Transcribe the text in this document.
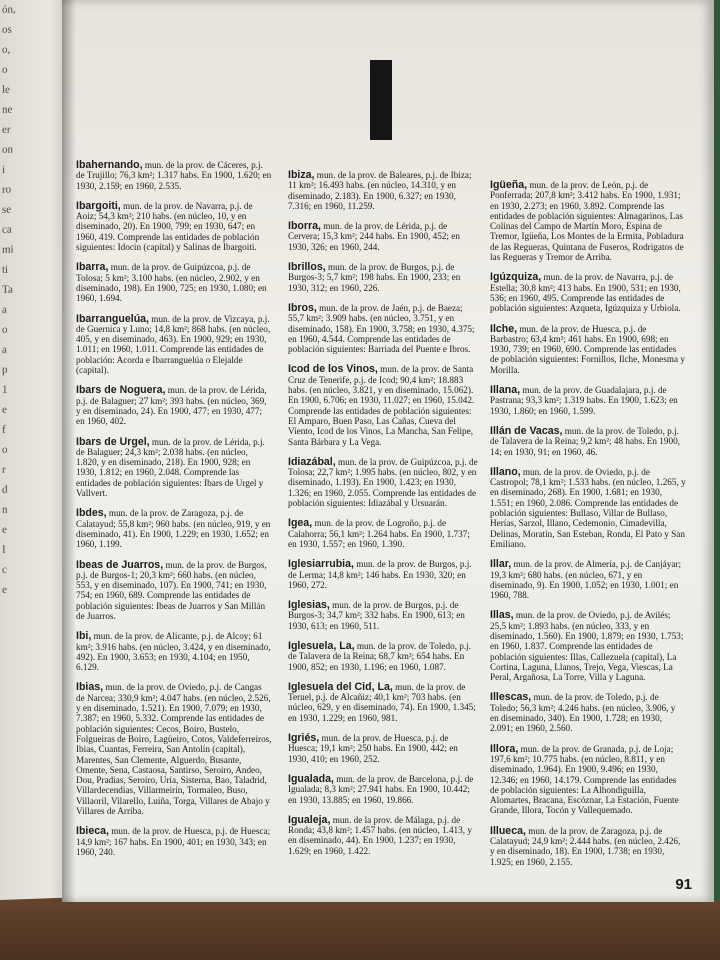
ón,
os
o,
o
le
ne
er
on
i
ro
se
ca
mi
ti
Ta
a
o
a
p
1
e
f
o
r
d
n
e
I
c
e
Ibahernando, mun. de la prov. de Cáceres, p.j. de Trujillo; 76,3 km²; 1.317 habs. En 1900, 1.620; en 1930, 2.159; en 1960, 2.535.
Ibargoiti, mun. de la prov. de Navarra, p.j. de Aoiz; 54,3 km²; 210 habs. (en núcleo, 10, y en diseminado, 20). En 1900, 799; en 1930, 647; en 1960, 419. Comprende las entidades de población siguientes: Idocin (capital) y Salinas de Ibargoiti.
Ibarra, mun. de la prov. de Guipúzcoa, p.j. de Tolosa; 5 km²; 3.100 habs. (en núcleo, 2.902, y en diseminado, 198). En 1900, 725; en 1930, 1.080; en 1960, 1.694.
Ibarranguelúa, mun. de la prov. de Vizcaya, p.j. de Guernica y Luno; 14,8 km²; 868 habs. (en núcleo, 405, y en diseminado, 463). En 1900, 929; en 1930, 1.011; en 1960, 1.011. Comprende las entidades de población: Acorda e Ibarranguelúa o Elejalde (capital).
Ibars de Noguera, mun. de la prov. de Lérida, p.j. de Balaguer; 27 km²; 393 habs. (en núcleo, 369, y en diseminado, 24). En 1900, 477; en 1930, 477; en 1960, 402.
Ibars de Urgel, mun. de la prov. de Lérida, p.j. de Balaguer; 24,3 km²; 2.038 habs. (en núcleo, 1.820, y en diseminado, 218). En 1900, 928; en 1930, 1.812; en 1960, 2.048. Comprende las entidades de población siguientes: Ibars de Urgel y Vallvert.
Ibdes, mun. de la prov. de Zaragoza, p.j. de Calatayud; 55,8 km²; 960 habs. (en núcleo, 919, y en diseminado, 41). En 1900, 1.229; en 1930, 1.652; en 1960, 1.199.
Ibeas de Juarros, mun. de la prov. de Burgos, p.j. de Burgos-1; 20,3 km²; 660 habs. (en núcleo, 553, y en diseminado, 107). En 1900, 741; en 1930, 754; en 1960, 689. Comprende las entidades de población siguientes: Ibeas de Juarros y San Millán de Juarros.
Ibi, mun. de la prov. de Alicante, p.j. de Alcoy; 61 km²; 3.916 habs. (en núcleo, 3.424, y en diseminado, 492). En 1900, 3.653; en 1930, 4.104; en 1950, 6.129.
Ibias, mun. de la prov. de Oviedo, p.j. de Cangas de Narcea; 330,9 km²; 4.047 habs. (en núcleo, 2.526, y en diseminado, 1.521). En 1900, 7.079; en 1930, 7.387; en 1960, 5.332. Comprende las entidades de población siguientes: Cecos, Boiro, Bustelo, Folgueiras de Boiro, Lagüeiro, Cotos, Valdeferreiros, Ibias, Cuantas, Ferreira, San Antolín (capital), Marentes, San Clemente, Alguerdo, Busante, Omente, Sena, Castaosa, Santirso, Seroiro, Andeo, Dou, Pradias, Seroiro, Uría, Sisterna, Bao, Taladrid, Villardecendias, Villarmeirín, Tormaleo, Buso, Villaoril, Vilarello, Luiña, Torga, Villares de Abajo y Villares de Arriba.
Ibieca, mun. de la prov. de Huesca, p.j. de Huesca; 14,9 km²; 167 habs. En 1900, 401; en 1930, 343; en 1960, 240.
Ibiza, mun. de la prov. de Baleares, p.j. de Ibiza; 11 km²; 16.493 habs. (en núcleo, 14.310, y en diseminado, 2.183). En 1900, 6.327; en 1930, 7.316; en 1960, 11.259.
Iborra, mun. de la prov. de Lérida, p.j. de Cervera; 15,3 km²; 244 habs. En 1900, 452; en 1930, 326; en 1960, 244.
Ibrillos, mun. de la prov. de Burgos, p.j. de Burgos-3; 5,7 km²; 198 habs. En 1900, 233; en 1930, 312; en 1960, 226.
Ibros, mun. de la prov. de Jaén, p.j. de Baeza; 55,7 km²; 3.909 habs. (en núcleo, 3.751, y en diseminado, 158). En 1900, 3.758; en 1930, 4.375; en 1960, 4.544. Comprende las entidades de población siguientes: Barriada del Puente e Ibros.
Icod de los Vinos, mun. de la prov. de Santa Cruz de Tenerife, p.j. de Icod; 90,4 km²; 18.883 habs. (en núcleo, 3.821, y en diseminado, 15.062). En 1900, 6.706; en 1930, 11.027; en 1960, 15.042. Comprende las entidades de población siguientes: El Amparo, Buen Paso, Las Cañas, Cueva del Viento, Icod de los Vinos, La Mancha, San Felipe, Santa Bárbara y La Vega.
Idiazábal, mun. de la prov. de Guipúzcoa, p.j. de Tolosa; 22,7 km²; 1.995 habs. (en núcleo, 802, y en diseminado, 1.193). En 1900, 1.423; en 1930, 1.326; en 1960, 2.055. Comprende las entidades de población siguientes: Idiazábal y Ursuarán.
Igea, mun. de la prov. de Logroño, p.j. de Calahorra; 56,1 km²; 1.264 habs. En 1900, 1.737; en 1930, 1.557; en 1960, 1.390.
Iglesiarrubia, mun. de la prov. de Burgos, p.j. de Lerma; 14,8 km²; 146 habs. En 1930, 320; en 1960, 272.
Iglesias, mun. de la prov. de Burgos, p.j. de Burgos-3; 34,7 km²; 332 habs. En 1900, 613; en 1930, 613; en 1960, 511.
Iglesuela, La, mun. de la prov. de Toledo, p.j. de Talavera de la Reina; 68,7 km²; 654 habs. En 1900, 852; en 1930, 1.196; en 1960, 1.087.
Iglesuela del Cid, La, mun. de la prov. de Teruel, p.j. de Alcañiz; 40,1 km²; 703 habs. (en núcleo, 629, y en diseminado, 74). En 1900, 1.345; en 1930, 1.229; en 1960, 981.
Igriés, mun. de la prov. de Huesca, p.j. de Huesca; 19,1 km²; 250 habs. En 1900, 442; en 1930, 410; en 1960, 252.
Igualada, mun. de la prov. de Barcelona, p.j. de Igualada; 8,3 km²; 27.941 habs. En 1900, 10.442; en 1930, 13.885; en 1960, 19.866.
Igualeja, mun. de la prov. de Málaga, p.j. de Ronda; 43,8 km²; 1.457 habs. (en núcleo, 1.413, y en diseminado, 44). En 1900, 1.237; en 1930, 1.629; en 1960, 1.422.
Igüeña, mun. de la prov. de León, p.j. de Ponferrada; 207,8 km²; 3.412 habs. En 1900, 1.931; en 1930, 2.273; en 1960, 3.892. Comprende las entidades de población siguientes: Almagarinos, Las Colinas del Campo de Martín Moro, Espina de Tremor, Igüeña, Los Montes de la Ermita, Pobladura de las Regueras, Quintana de Fuseros, Rodrigatos de las Regueras y Tremor de Arriba.
Igúzquiza, mun. de la prov. de Navarra, p.j. de Estella; 30,8 km²; 413 habs. En 1900, 531; en 1930, 536; en 1960, 495. Comprende las entidades de población siguientes: Azqueta, Igúzquiza y Urbiola.
Ilche, mun. de la prov. de Huesca, p.j. de Barbastro; 63,4 km²; 461 habs. En 1900, 698; en 1930, 739; en 1960, 690. Comprende las entidades de población siguientes: Fornillos, Ilche, Monesma y Morilla.
Illana, mun. de la prov. de Guadalajara, p.j. de Pastrana; 93,3 km²; 1.319 habs. En 1900, 1.623; en 1930, 1.860; en 1960, 1.599.
Illán de Vacas, mun. de la prov. de Toledo, p.j. de Talavera de la Reina; 9,2 km²; 48 habs. En 1900, 14; en 1930, 91; en 1960, 46.
Illano, mun. de la prov. de Oviedo, p.j. de Castropol; 78,1 km²; 1.533 habs. (en núcleo, 1.265, y en diseminado, 268). En 1900, 1.681; en 1930, 1.551; en 1960, 2.086. Comprende las entidades de población siguientes: Bullaso, Villar de Bullaso, Herías, Sarzol, Illano, Cedemonio, Cimadevilla, Delinas, Moratín, San Esteban, Ronda, El Pato y San Emiliano.
Illar, mun. de la prov. de Almería, p.j. de Canjáyar; 19,3 km²; 680 habs. (en núcleo, 671, y en diseminado, 9). En 1900, 1.052; en 1930, 1.001; en 1960, 788.
Illas, mun. de la prov. de Oviedo, p.j. de Avilés; 25,5 km²; 1.893 habs. (en núcleo, 333, y en diseminado, 1.560). En 1900, 1.879; en 1930, 1.753; en 1960, 1.837. Comprende las entidades de población siguientes: Illas, Callezuela (capital), La Cortina, Laguna, Llanos, Trejo, Vega, Viescas, La Peral, Argañosa, La Torre, Villa y Laguna.
Illescas, mun. de la prov. de Toledo, p.j. de Toledo; 56,3 km²; 4.246 habs. (en núcleo, 3.906, y en diseminado, 340). En 1900, 1.728; en 1930, 2.091; en 1960, 2.560.
Illora, mun. de la prov. de Granada, p.j. de Loja; 197,6 km²; 10.775 habs. (en núcleo, 8.811, y en diseminado, 1.964). En 1900, 9.496; en 1930, 12.346; en 1960, 14.179. Comprende las entidades de población siguientes: La Alhondiguilla, Alomartes, Bracana, Escóznar, La Estación, Fuente Grande, Illora, Tocón y Vallequemado.
Illueca, mun. de la prov. de Zaragoza, p.j. de Calatayud; 24,9 km²; 2.444 habs. (en núcleo, 2.426, y en diseminado, 18). En 1900, 1.738; en 1930, 1.925; en 1960, 2.155.
91
